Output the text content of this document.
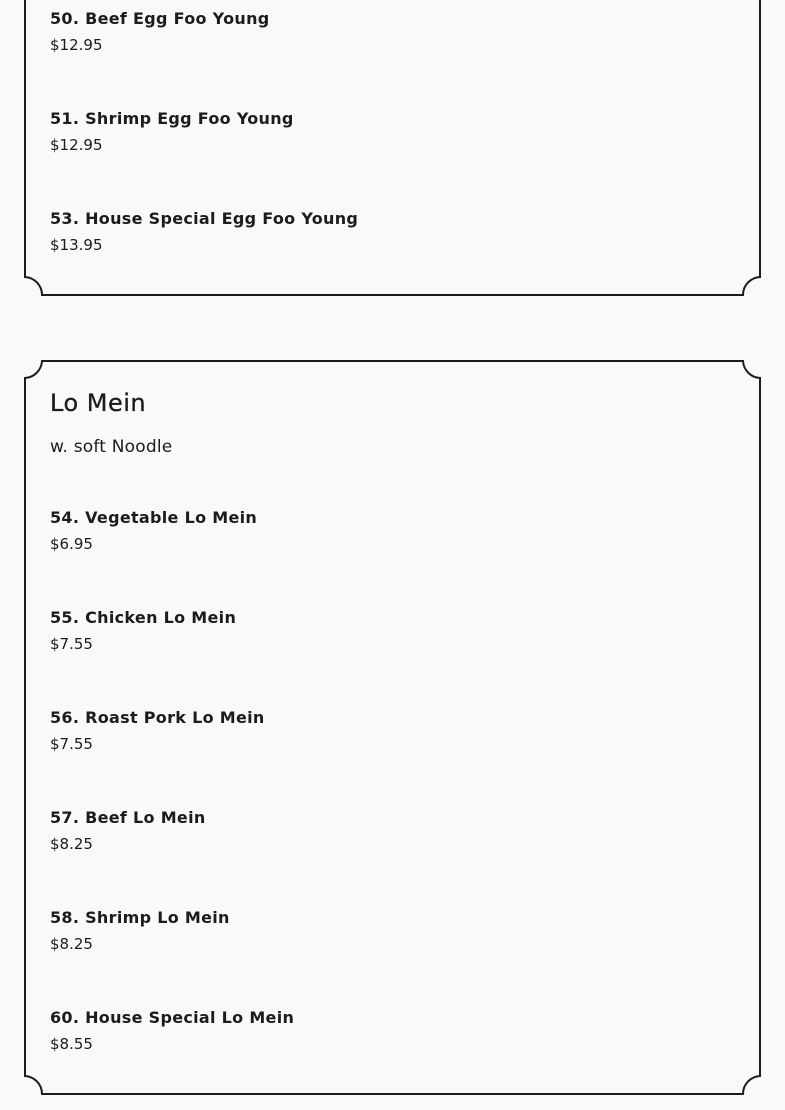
50. Beef Egg Foo Young
$12.95
51. Shrimp Egg Foo Young
$12.95
53. House Special Egg Foo Young
$13.95
Lo Mein
w. soft Noodle
54. Vegetable Lo Mein
$6.95
55. Chicken Lo Mein
$7.55
56. Roast Pork Lo Mein
$7.55
57. Beef Lo Mein
$8.25
58. Shrimp Lo Mein
$8.25
60. House Special Lo Mein
$8.55
